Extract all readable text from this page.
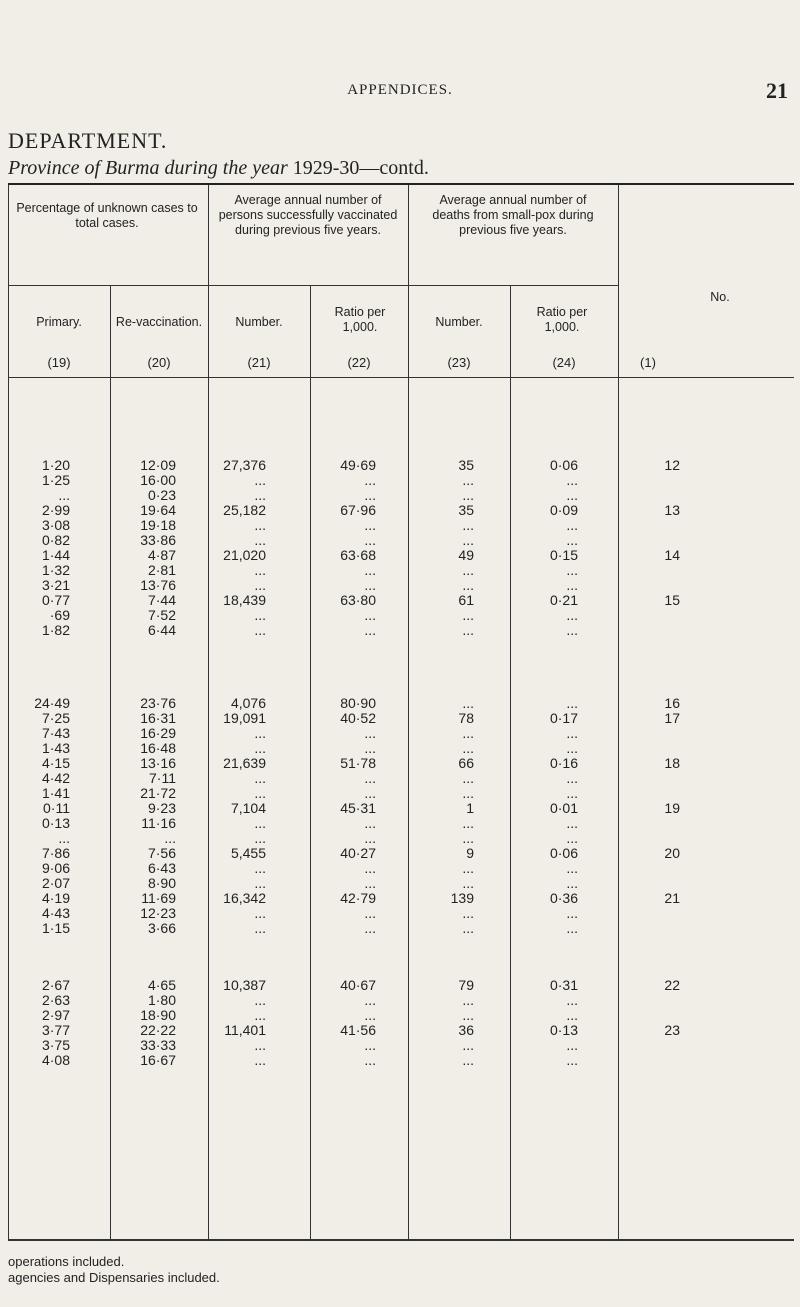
APPENDICES.	21
DEPARTMENT.
Province of Burma during the year 1929-30—contd.
Percentage of unknown cases to total cases.
Average annual number of persons successfully vaccinated during previous five years.
Average annual number of deaths from small-pox during previous five years.
No.
Primary.	Re-vaccination.	Number.
Ratio per 1,000.	Number.
Ratio per 1,000.
(19)	(20)	(21)	(22)	(23)	(24)	(1)
1·20	12·09	27,376	49·69	35	0·06	12
1·25	16·00	...	...	...	...
...	0·23	...	...	...	...
2·99	19·64	25,182	67·96	35	0·09	13
3·08	19·18	...	...	...	...
0·82	33·86	...	...	...	...
1·44	4·87	21,020	63·68	49	0·15	14
1·32	2·81	...	...	...	...
3·21	13·76	...	...	...	...
0·77	7·44	18,439	63·80	61	0·21	15
·69	7·52	...	...	...	...
1·82	6·44	...	...	...	...
24·49	23·76	4,076	80·90	...	...	16
7·25	16·31	19,091	40·52	78	0·17	17
7·43	16·29	...	...	...	...
1·43	16·48	...	...	...	...
4·15	13·16	21,639	51·78	66	0·16	18
4·42	7·11	...	...	...	...
1·41	21·72	...	...	...	...
0·11	9·23	7,104	45·31	1	0·01	19
0·13	11·16	...	...	...	...
...	...	...	...	...	...
7·86	7·56	5,455	40·27	9	0·06	20
9·06	6·43	...	...	...	...
2·07	8·90	...	...	...	...
4·19	11·69	16,342	42·79	139	0·36	21
4·43	12·23	...	...	...	...
1·15	3·66	...	...	...	...
2·67	4·65	10,387	40·67	79	0·31	22
2·63	1·80	...	...	...	...
2·97	18·90	...	...	...	...
3·77	22·22	11,401	41·56	36	0·13	23
3·75	33·33	...	...	...	...
4·08	16·67	...	...	...	...
operations included.
agencies and Dispensaries included.
